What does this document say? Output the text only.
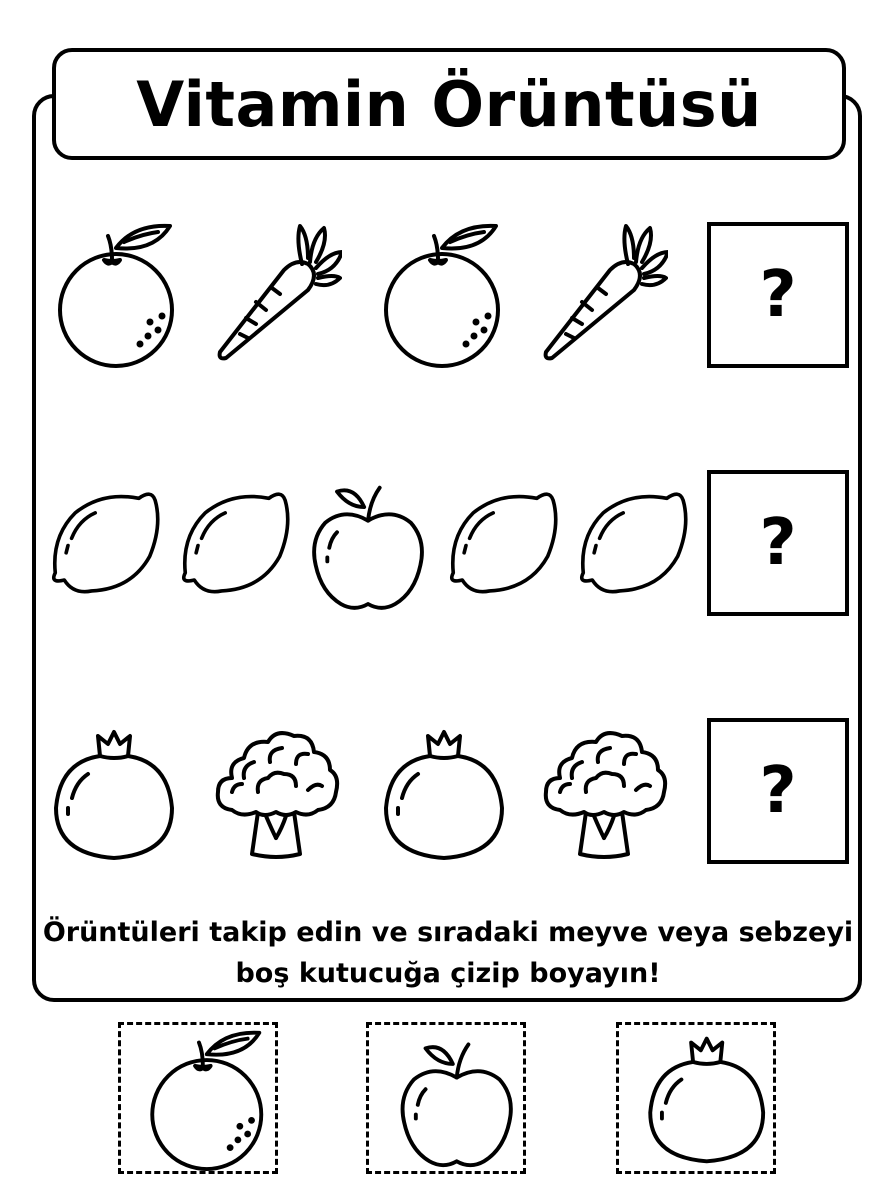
Vitamin Örüntüsü
?
?
?
Örüntüleri takip edin ve sıradaki meyve veya sebzeyi
boş kutucuğa çizip boyayın!
